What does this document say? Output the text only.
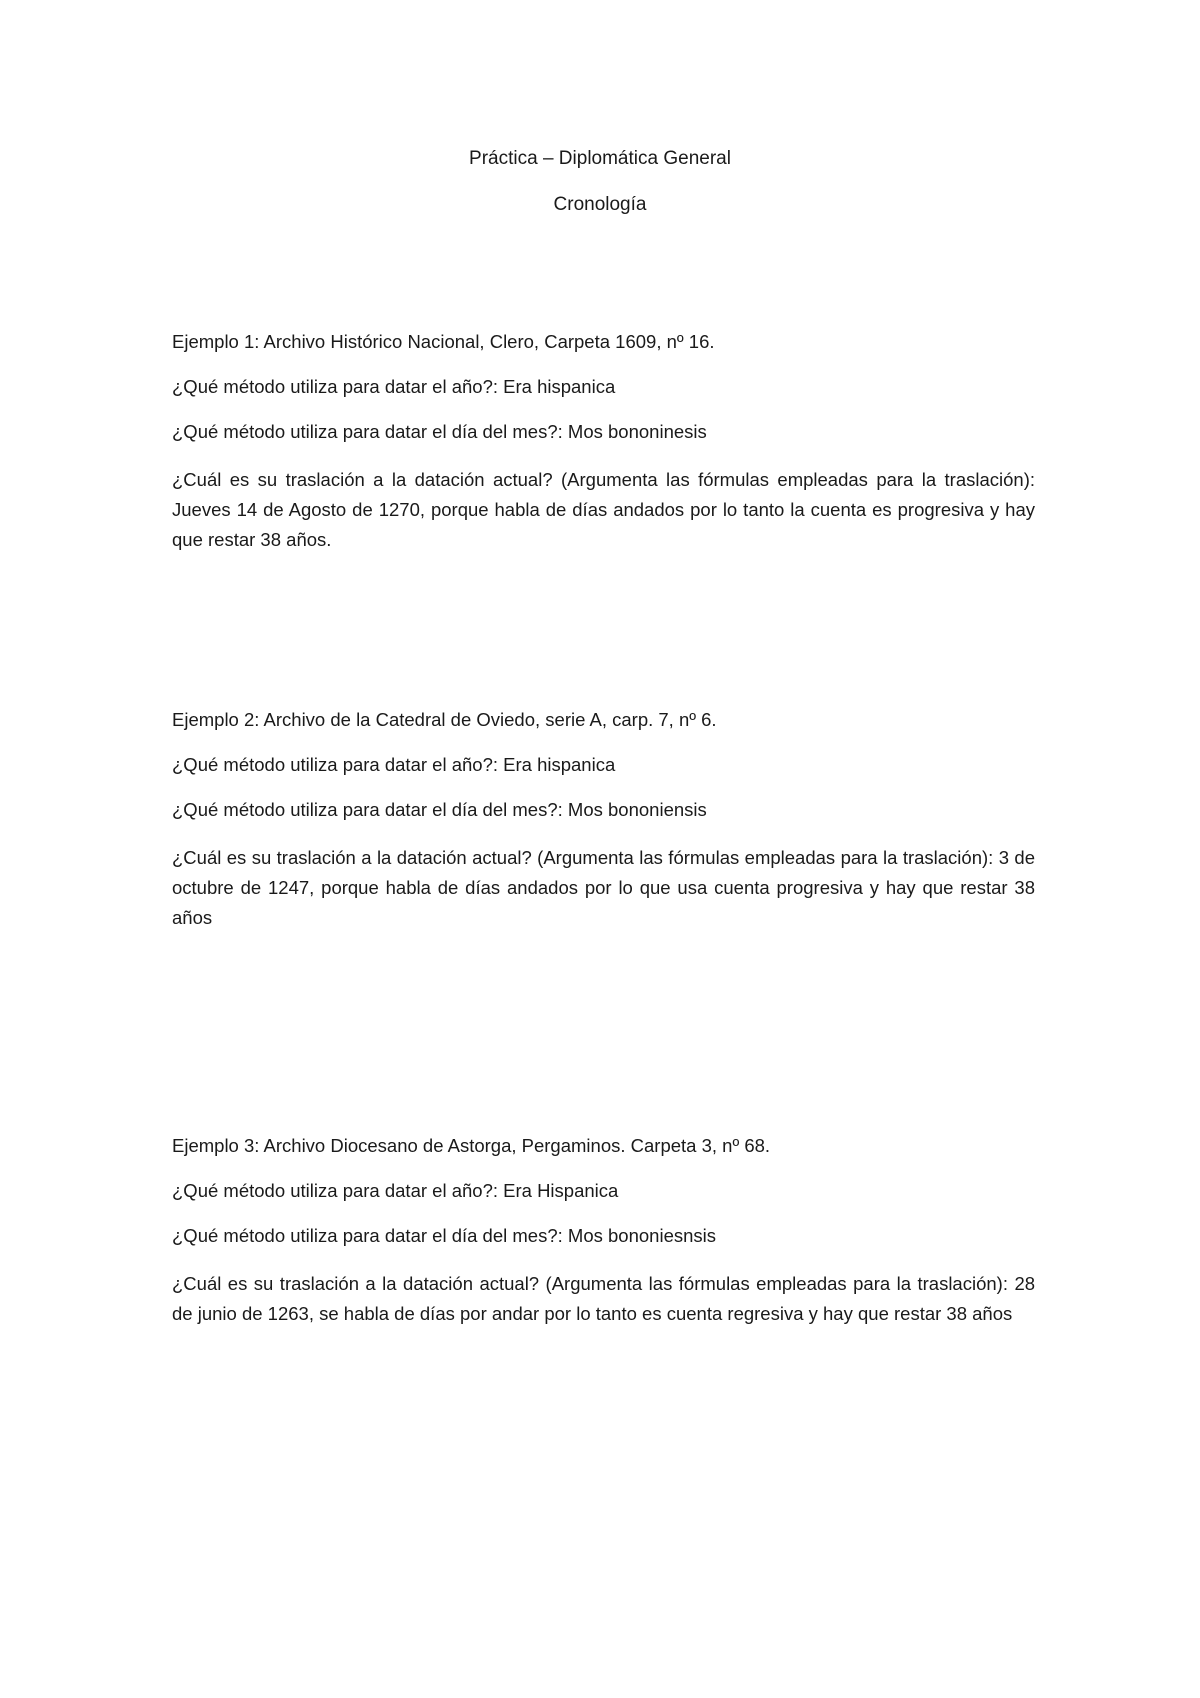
Práctica – Diplomática General
Cronología

Ejemplo 1: Archivo Histórico Nacional, Clero, Carpeta 1609, nº 16.

¿Qué método utiliza para datar el año?: Era hispanica

¿Qué método utiliza para datar el día del mes?: Mos bononinesis

¿Cuál es su traslación a la datación actual? (Argumenta las fórmulas empleadas para la traslación): Jueves 14 de Agosto de 1270, porque habla de días andados por lo tanto la cuenta es progresiva y hay que restar 38 años.

Ejemplo 2: Archivo de la Catedral de Oviedo, serie A, carp. 7, nº 6.

¿Qué método utiliza para datar el año?: Era hispanica

¿Qué método utiliza para datar el día del mes?: Mos bononiensis

¿Cuál es su traslación a la datación actual? (Argumenta las fórmulas empleadas para la traslación): 3 de octubre de 1247, porque habla de días andados por lo que usa cuenta progresiva y hay que restar 38 años

Ejemplo 3: Archivo Diocesano de Astorga, Pergaminos. Carpeta 3, nº 68.

¿Qué método utiliza para datar el año?: Era Hispanica

¿Qué método utiliza para datar el día del mes?: Mos bononiesnsis

¿Cuál es su traslación a la datación actual? (Argumenta las fórmulas empleadas para la traslación): 28 de junio de 1263, se habla de días por andar por lo tanto es cuenta regresiva y hay que restar 38 años
